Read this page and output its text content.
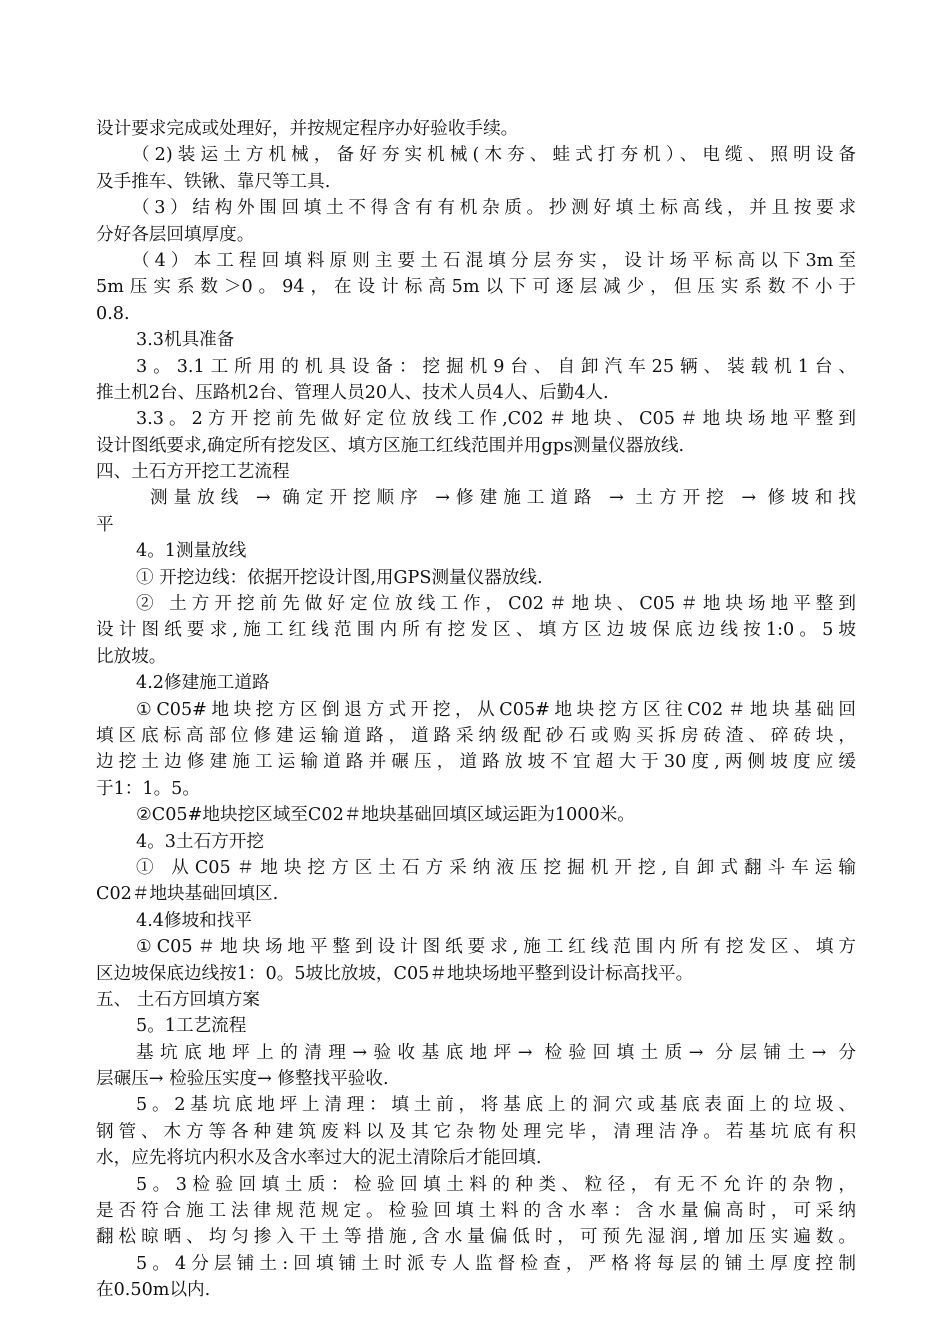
设计要求完成或处理好，并按规定程序办好验收手续。
（2)装运土方机械，备好夯实机械(木夯、蛙式打夯机）、电缆、照明设备
及手推车、铁锹、靠尺等工具.
（3）结构外围回填土不得含有有机杂质。抄测好填土标高线，并且按要求
分好各层回填厚度。
（4）本工程回填料原则主要土石混填分层夯实，设计场平标高以下3m至
5m压实系数＞0。94，在设计标高5m以下可逐层减少，但压实系数不小于
0.8.
3.3机具准备
3。3.1工所用的机具设备：挖掘机9台、自卸汽车25辆、装载机1台、
推土机2台、压路机2台、管理人员20人、技术人员4人、后勤4人.
3.3。2方开挖前先做好定位放线工作,C02＃地块、C05＃地块场地平整到
设计图纸要求,确定所有挖发区、填方区施工红线范围并用gps测量仪器放线.
四、土石方开挖工艺流程
测量放线 → 确定开挖顺序 →修建施工道路 → 土方开挖 → 修坡和找
平
4。1测量放线
① 开挖边线：依据开挖设计图,用GPS测量仪器放线.
② 土方开挖前先做好定位放线工作，C02＃地块、C05＃地块场地平整到
设计图纸要求,施工红线范围内所有挖发区、填方区边坡保底边线按1:0。5坡
比放坡。
4.2修建施工道路
①C05#地块挖方区倒退方式开挖，从C05#地块挖方区往C02＃地块基础回
填区底标高部位修建运输道路，道路采纳级配砂石或购买拆房砖渣、碎砖块，
边挖土边修建施工运输道路并碾压，道路放坡不宜超大于30度,两侧坡度应缓
于1：1。5。
②C05#地块挖区域至C02＃地块基础回填区域运距为1000米。
4。3土石方开挖
① 从C05＃地块挖方区土石方采纳液压挖掘机开挖,自卸式翻斗车运输
C02＃地块基础回填区.
4.4修坡和找平
①C05＃地块场地平整到设计图纸要求,施工红线范围内所有挖发区、填方
区边坡保底边线按1：0。5坡比放坡，C05＃地块场地平整到设计标高找平。
五、 土石方回填方案
5。1工艺流程
基坑底地坪上的清理→验收基底地坪→ 检验回填土质→ 分层铺土→ 分
层碾压→ 检验压实度→ 修整找平验收.
5。2基坑底地坪上清理：填土前，将基底上的洞穴或基底表面上的垃圾、
钢管、木方等各种建筑废料以及其它杂物处理完毕，清理洁净。若基坑底有积
水，应先将坑内积水及含水率过大的泥土清除后才能回填.
5。3检验回填土质：检验回填土料的种类、粒径，有无不允许的杂物，
是否符合施工法律规范规定。检验回填土料的含水率：含水量偏高时，可采纳
翻松晾晒、均匀掺入干土等措施,含水量偏低时，可预先湿润,增加压实遍数。
5。4分层铺土:回填铺土时派专人监督检查，严格将每层的铺土厚度控制
在0.50m以内.
